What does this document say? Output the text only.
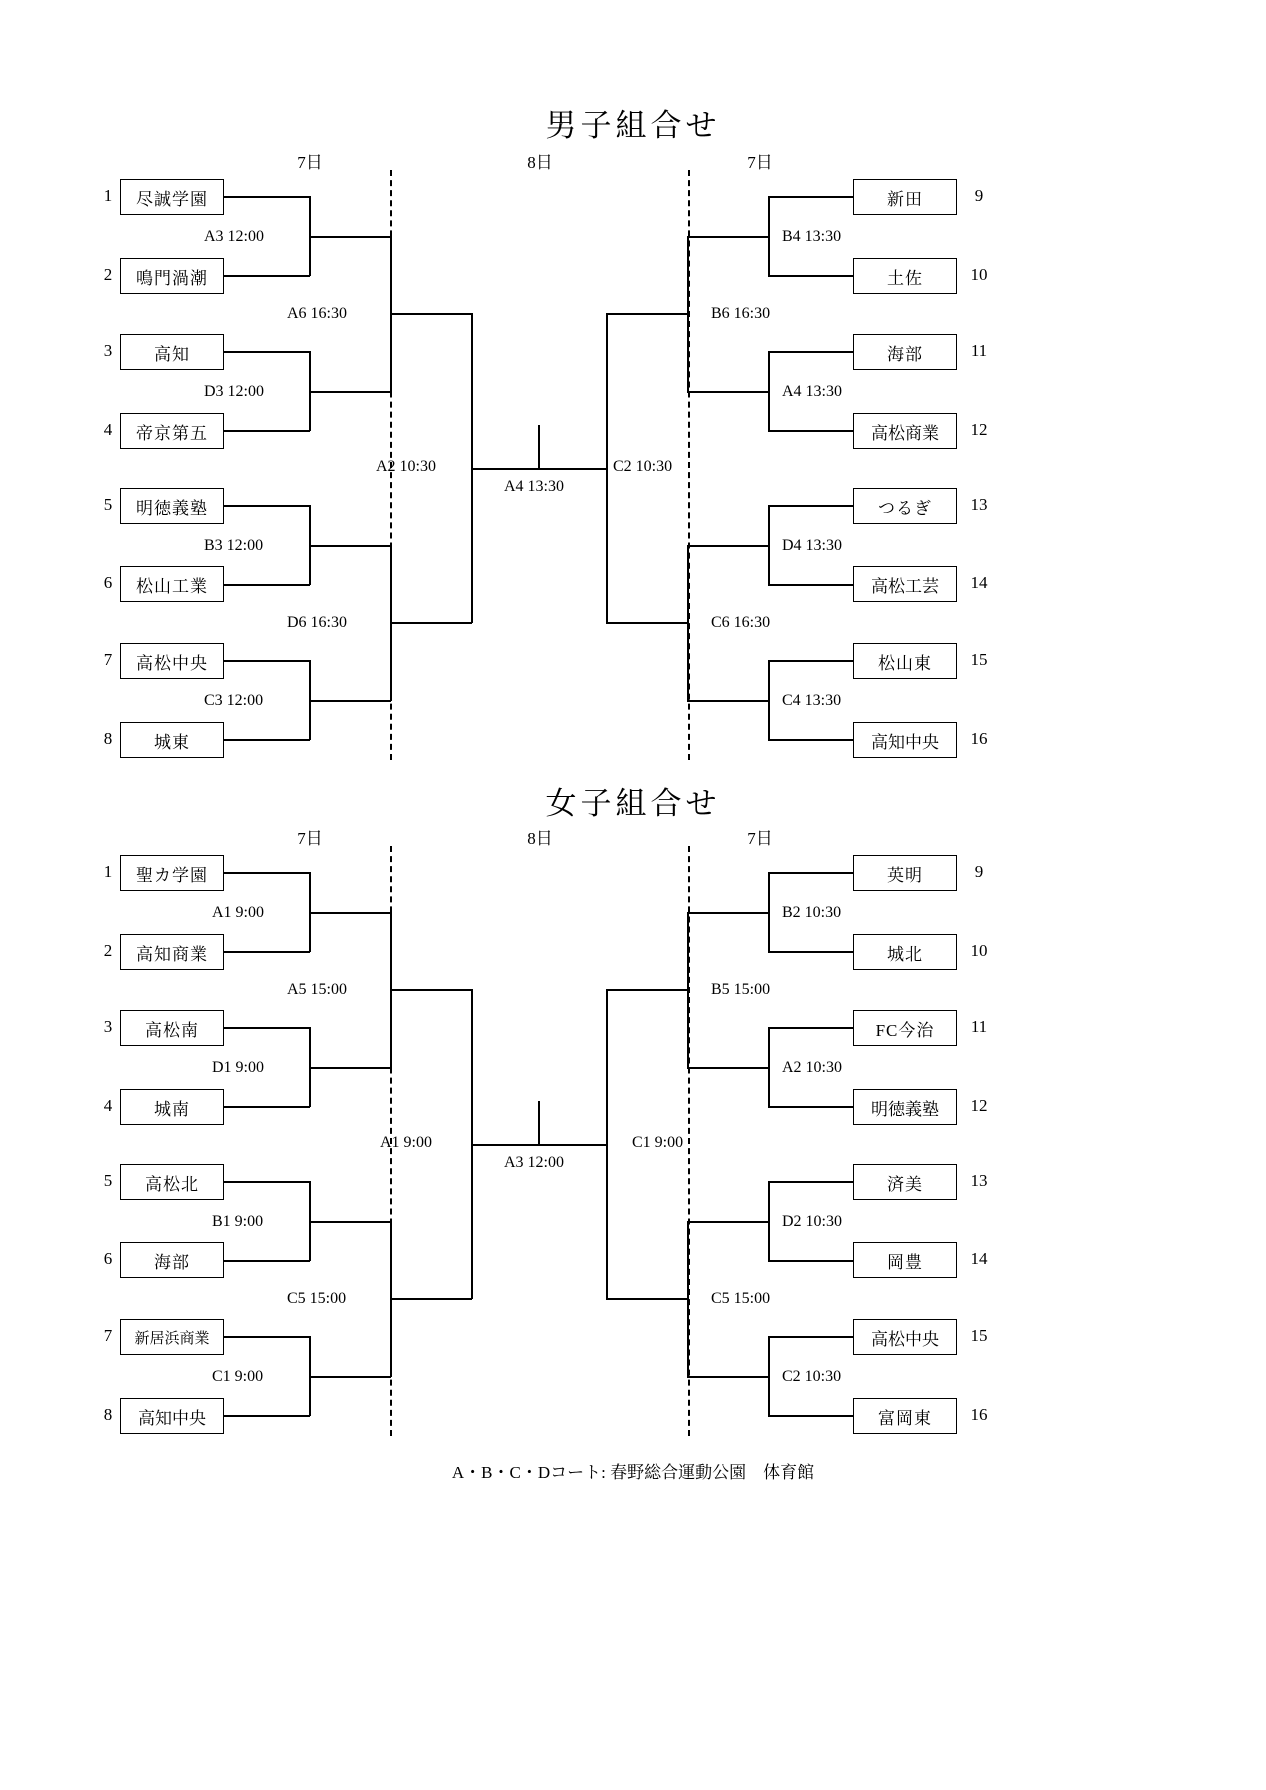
男子組合せ
7日	8日	7日
1	尽誠学園
2	鳴門渦潮
3	高知
4	帝京第五
5	明徳義塾
6	松山工業
7	高松中央
8	城東
A3 12:00
D3 12:00
B3 12:00
C3 12:00
A6 16:30
D6 16:30
A2 10:30
A4 13:30
C2 10:30
B6 16:30
C6 16:30
B4 13:30
A4 13:30
D4 13:30
C4 13:30
新田	9
土佐	10
海部	11
高松商業	12
つるぎ	13
高松工芸	14
松山東	15
高知中央	16
女子組合せ
7日	8日	7日
1	聖カ学園
2	高知商業
3	高松南
4	城南
5	高松北
6	海部
7	新居浜商業
8	高知中央
A1 9:00
D1 9:00
B1 9:00
C1 9:00
A5 15:00
C5 15:00
A1 9:00
A3 12:00
C1 9:00
B5 15:00
C5 15:00
B2 10:30
A2 10:30
D2 10:30
C2 10:30
英明	9
城北	10
FC今治	11
明徳義塾	12
済美	13
岡豊	14
高松中央	15
富岡東	16
A・B・C・Dコート: 春野総合運動公園　体育館
